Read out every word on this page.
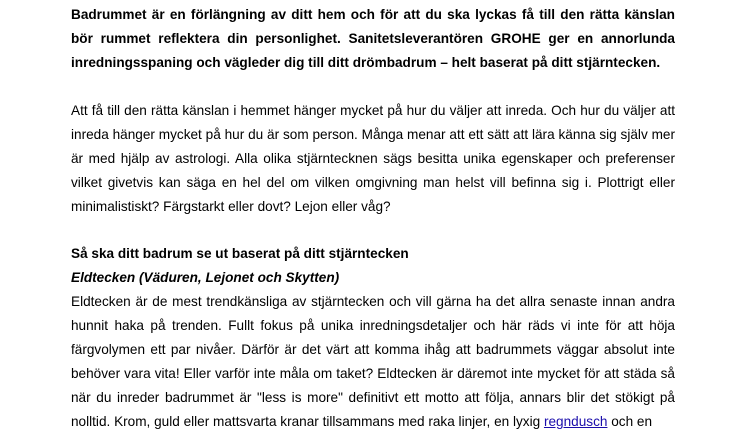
Badrummet är en förlängning av ditt hem och för att du ska lyckas få till den rätta känslan bör rummet reflektera din personlighet. Sanitetsleverantören GROHE ger en annorlunda inredningsspaning och vägleder dig till ditt drömbadrum – helt baserat på ditt stjärntecken.

Att få till den rätta känslan i hemmet hänger mycket på hur du väljer att inreda. Och hur du väljer att inreda hänger mycket på hur du är som person. Många menar att ett sätt att lära känna sig själv mer är med hjälp av astrologi. Alla olika stjärntecknen sägs besitta unika egenskaper och preferenser vilket givetvis kan säga en hel del om vilken omgivning man helst vill befinna sig i. Plottrigt eller minimalistiskt? Färgstarkt eller dovt? Lejon eller våg?

Så ska ditt badrum se ut baserat på ditt stjärntecken

Eldtecken (Väduren, Lejonet och Skytten)

Eldtecken är de mest trendkänsliga av stjärntecken och vill gärna ha det allra senaste innan andra hunnit haka på trenden. Fullt fokus på unika inredningsdetaljer och här räds vi inte för att höja färgvolymen ett par nivåer. Därför är det värt att komma ihåg att badrummets väggar absolut inte behöver vara vita! Eller varför inte måla om taket? Eldtecken är däremot inte mycket för att städa så när du inreder badrummet är "less is more" definitivt ett motto att följa, annars blir det stökigt på nolltid. Krom, guld eller mattsvarta kranar tillsammans med raka linjer, en lyxig regndusch och en
